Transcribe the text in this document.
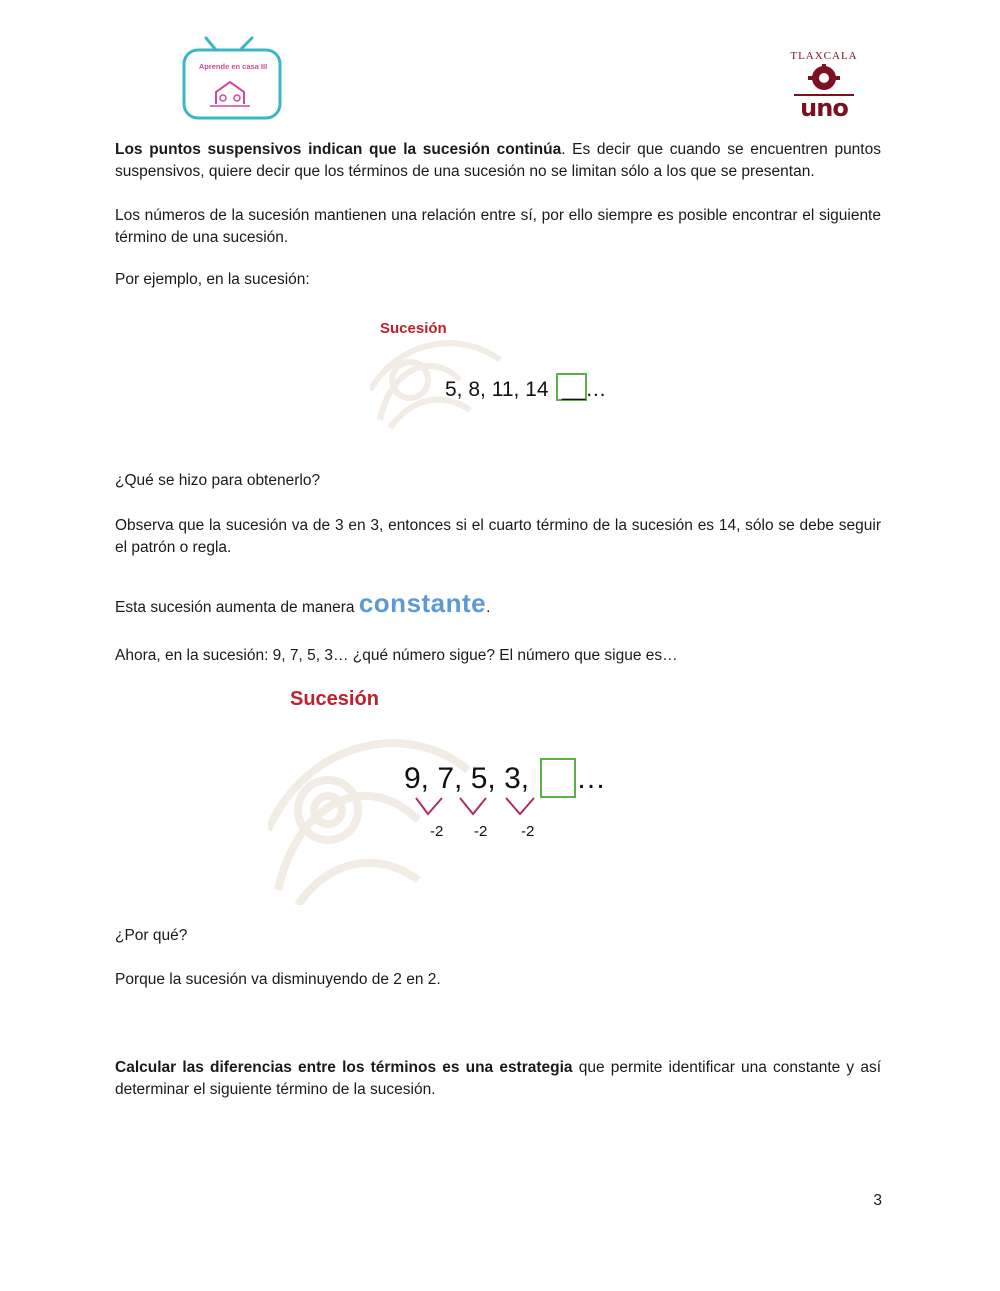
Aprende en casa III
TLAXCALA
uno
Los puntos suspensivos indican que la sucesión continúa. Es decir que cuando se encuentren puntos suspensivos, quiere decir que los términos de una sucesión no se limitan sólo a los que se presentan.
Los números de la sucesión mantienen una relación entre sí, por ello siempre es posible encontrar el siguiente término de una sucesión.
Por ejemplo, en la sucesión:
Sucesión
5, 8, 11, 14 __…
¿Qué se hizo para obtenerlo?
Observa que la sucesión va de 3 en 3, entonces si el cuarto término de la sucesión es 14, sólo se debe seguir el patrón o regla.
Esta sucesión aumenta de manera constante.
Ahora, en la sucesión: 9, 7, 5, 3… ¿qué número sigue? El número que sigue es…
Sucesión
9, 7, 5, 3, …
-2 -2 -2
¿Por qué?
Porque la sucesión va disminuyendo de 2 en 2.
Calcular las diferencias entre los términos es una estrategia que permite identificar una constante y así determinar el siguiente término de la sucesión.
3
